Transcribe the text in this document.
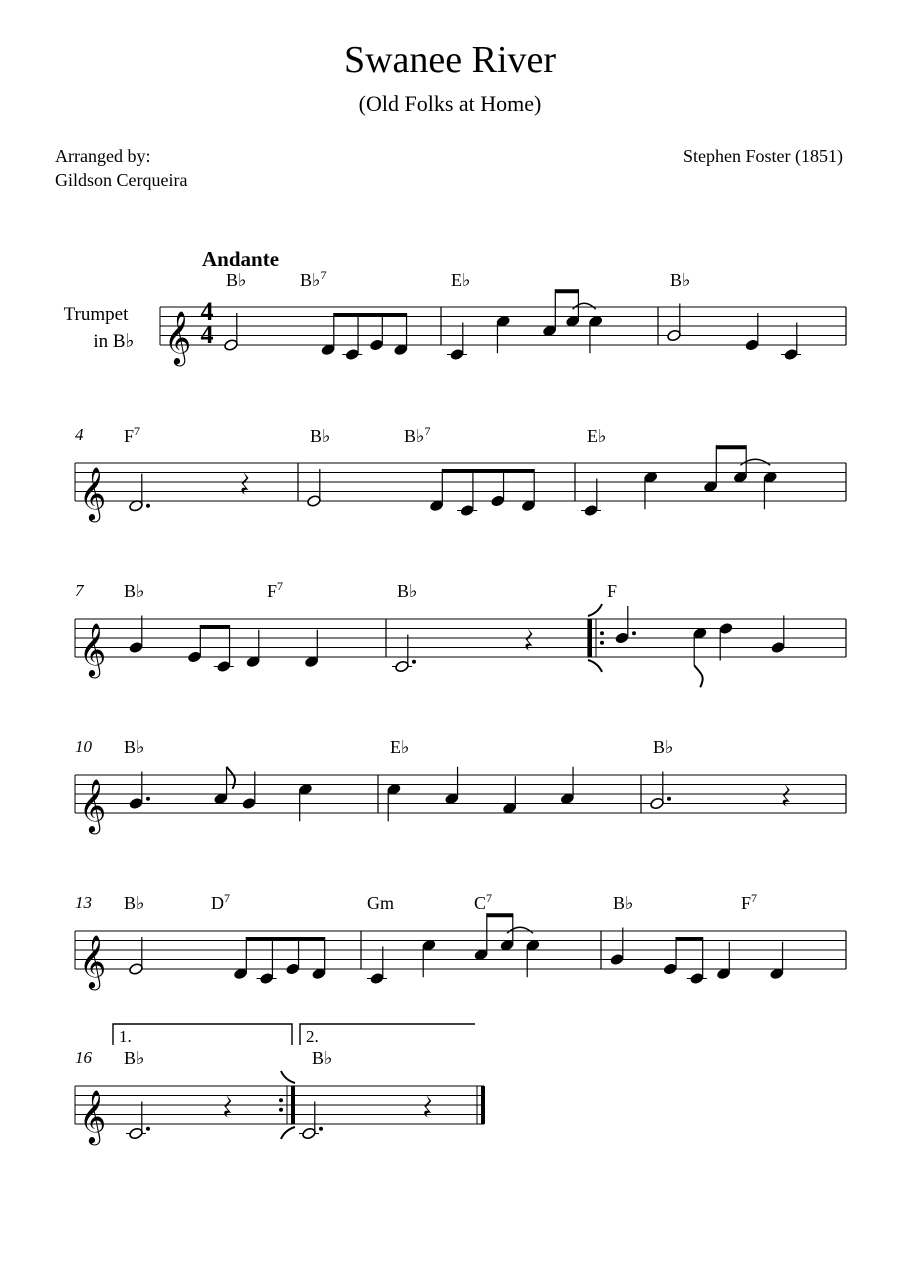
Swanee River
(Old Folks at Home)
Arranged by:
Gildson Cerqueira
Stephen Foster (1851)
Andante
Trumpet
in B♭
4
4
4
7
10
13
16
1.	2.
B♭	B♭$^7$	E♭	B♭
$F^7$	B♭	B♭$^7$	E♭
B♭	$F^7$	B♭	F
B♭	E♭	B♭
B♭	$D^7$	Gm	$C^7$	B♭	$F^7$
B♭	B♭
𝄞
𝄞
𝄞
𝄞
𝄞
𝄞
